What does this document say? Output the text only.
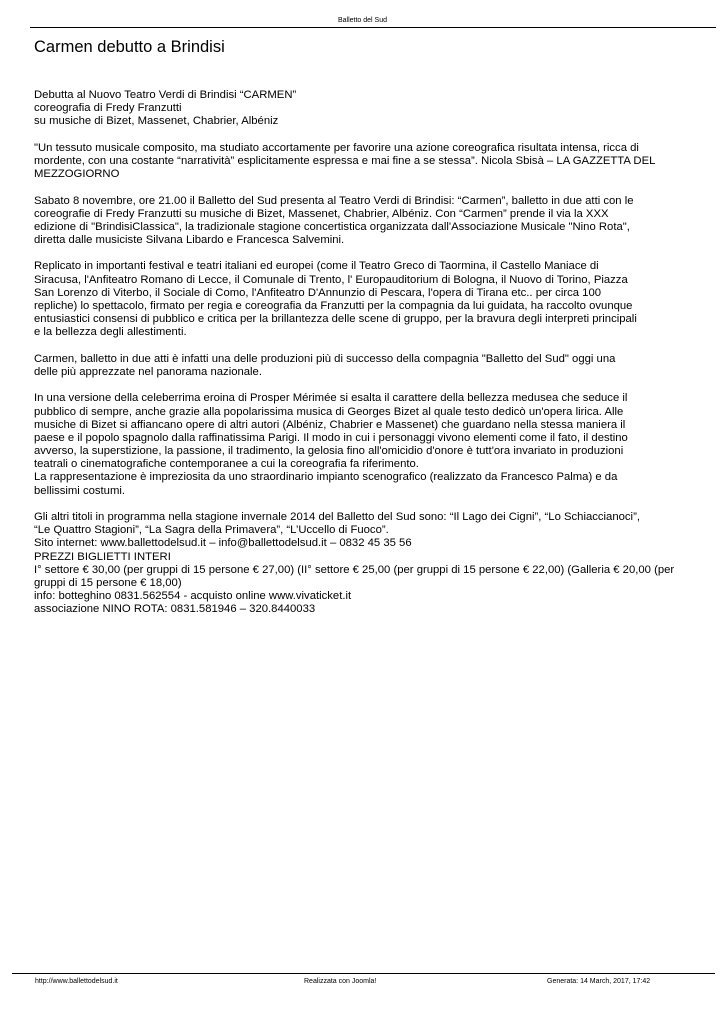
Balletto del Sud
Carmen debutto a Brindisi
Debutta al Nuovo Teatro Verdi di Brindisi “CARMEN”
coreografia di Fredy Franzutti
su musiche di Bizet, Massenet, Chabrier, Albéniz
"Un tessuto musicale composito, ma studiato accortamente per favorire una azione coreografica risultata intensa, ricca di
mordente, con una costante “narratività” esplicitamente espressa e mai fine a se stessa”. Nicola Sbisà – LA GAZZETTA DEL
MEZZOGIORNO
Sabato 8 novembre, ore 21.00 il Balletto del Sud presenta al Teatro Verdi di Brindisi: “Carmen”, balletto in due atti con le
coreografie di Fredy Franzutti su musiche di Bizet, Massenet, Chabrier, Albéniz. Con “Carmen” prende il via la XXX
edizione di "BrindisiClassica", la tradizionale stagione concertistica organizzata dall'Associazione Musicale "Nino Rota",
diretta dalle musiciste Silvana Libardo e Francesca Salvemini.
Replicato in importanti festival e teatri italiani ed europei (come il Teatro Greco di Taormina, il Castello Maniace di
Siracusa, l'Anfiteatro Romano di Lecce, il Comunale di Trento, l' Europauditorium di Bologna, il Nuovo di Torino, Piazza
San Lorenzo di Viterbo, il Sociale di Como, l'Anfiteatro D'Annunzio di Pescara, l'opera di Tirana etc.. per circa 100
repliche) lo spettacolo, firmato per regia e coreografia da Franzutti per la compagnia da lui guidata, ha raccolto ovunque
entusiastici consensi di pubblico e critica per la brillantezza delle scene di gruppo, per la bravura degli interpreti principali
e la bellezza degli allestimenti.
Carmen, balletto in due atti è infatti una delle produzioni più di successo della compagnia "Balletto del Sud" oggi una
delle più apprezzate nel panorama nazionale.
In una versione della celeberrima eroina di Prosper Mérimée si esalta il carattere della bellezza medusea che seduce il
pubblico di sempre, anche grazie alla popolarissima musica di Georges Bizet al quale testo dedicò un'opera lirica. Alle
musiche di Bizet si affiancano opere di altri autori (Albéniz, Chabrier e Massenet) che guardano nella stessa maniera il
paese e il popolo spagnolo dalla raffinatissima Parigi. Il modo in cui i personaggi vivono elementi come il fato, il destino
avverso, la superstizione, la passione, il tradimento, la gelosia fino all'omicidio d'onore è tutt'ora invariato in produzioni
teatrali o cinematografiche contemporanee a cui la coreografia fa riferimento.
La rappresentazione è impreziosita da uno straordinario impianto scenografico (realizzato da Francesco Palma) e da
bellissimi costumi.
Gli altri titoli in programma nella stagione invernale 2014 del Balletto del Sud sono: “Il Lago dei Cigni”, “Lo Schiaccianoci”,
“Le Quattro Stagioni”, “La Sagra della Primavera”, “L’Uccello di Fuoco”.
Sito internet: www.ballettodelsud.it – info@ballettodelsud.it – 0832 45 35 56
PREZZI BIGLIETTI INTERI
I° settore € 30,00 (per gruppi di 15 persone € 27,00) (II° settore € 25,00 (per gruppi di 15 persone € 22,00) (Galleria € 20,00 (per
gruppi di 15 persone € 18,00)
info: botteghino 0831.562554 - acquisto online www.vivaticket.it
associazione NINO ROTA: 0831.581946 – 320.8440033
http://www.ballettodelsud.it	Realizzata con Joomla!	Generata: 14 March, 2017, 17:42
